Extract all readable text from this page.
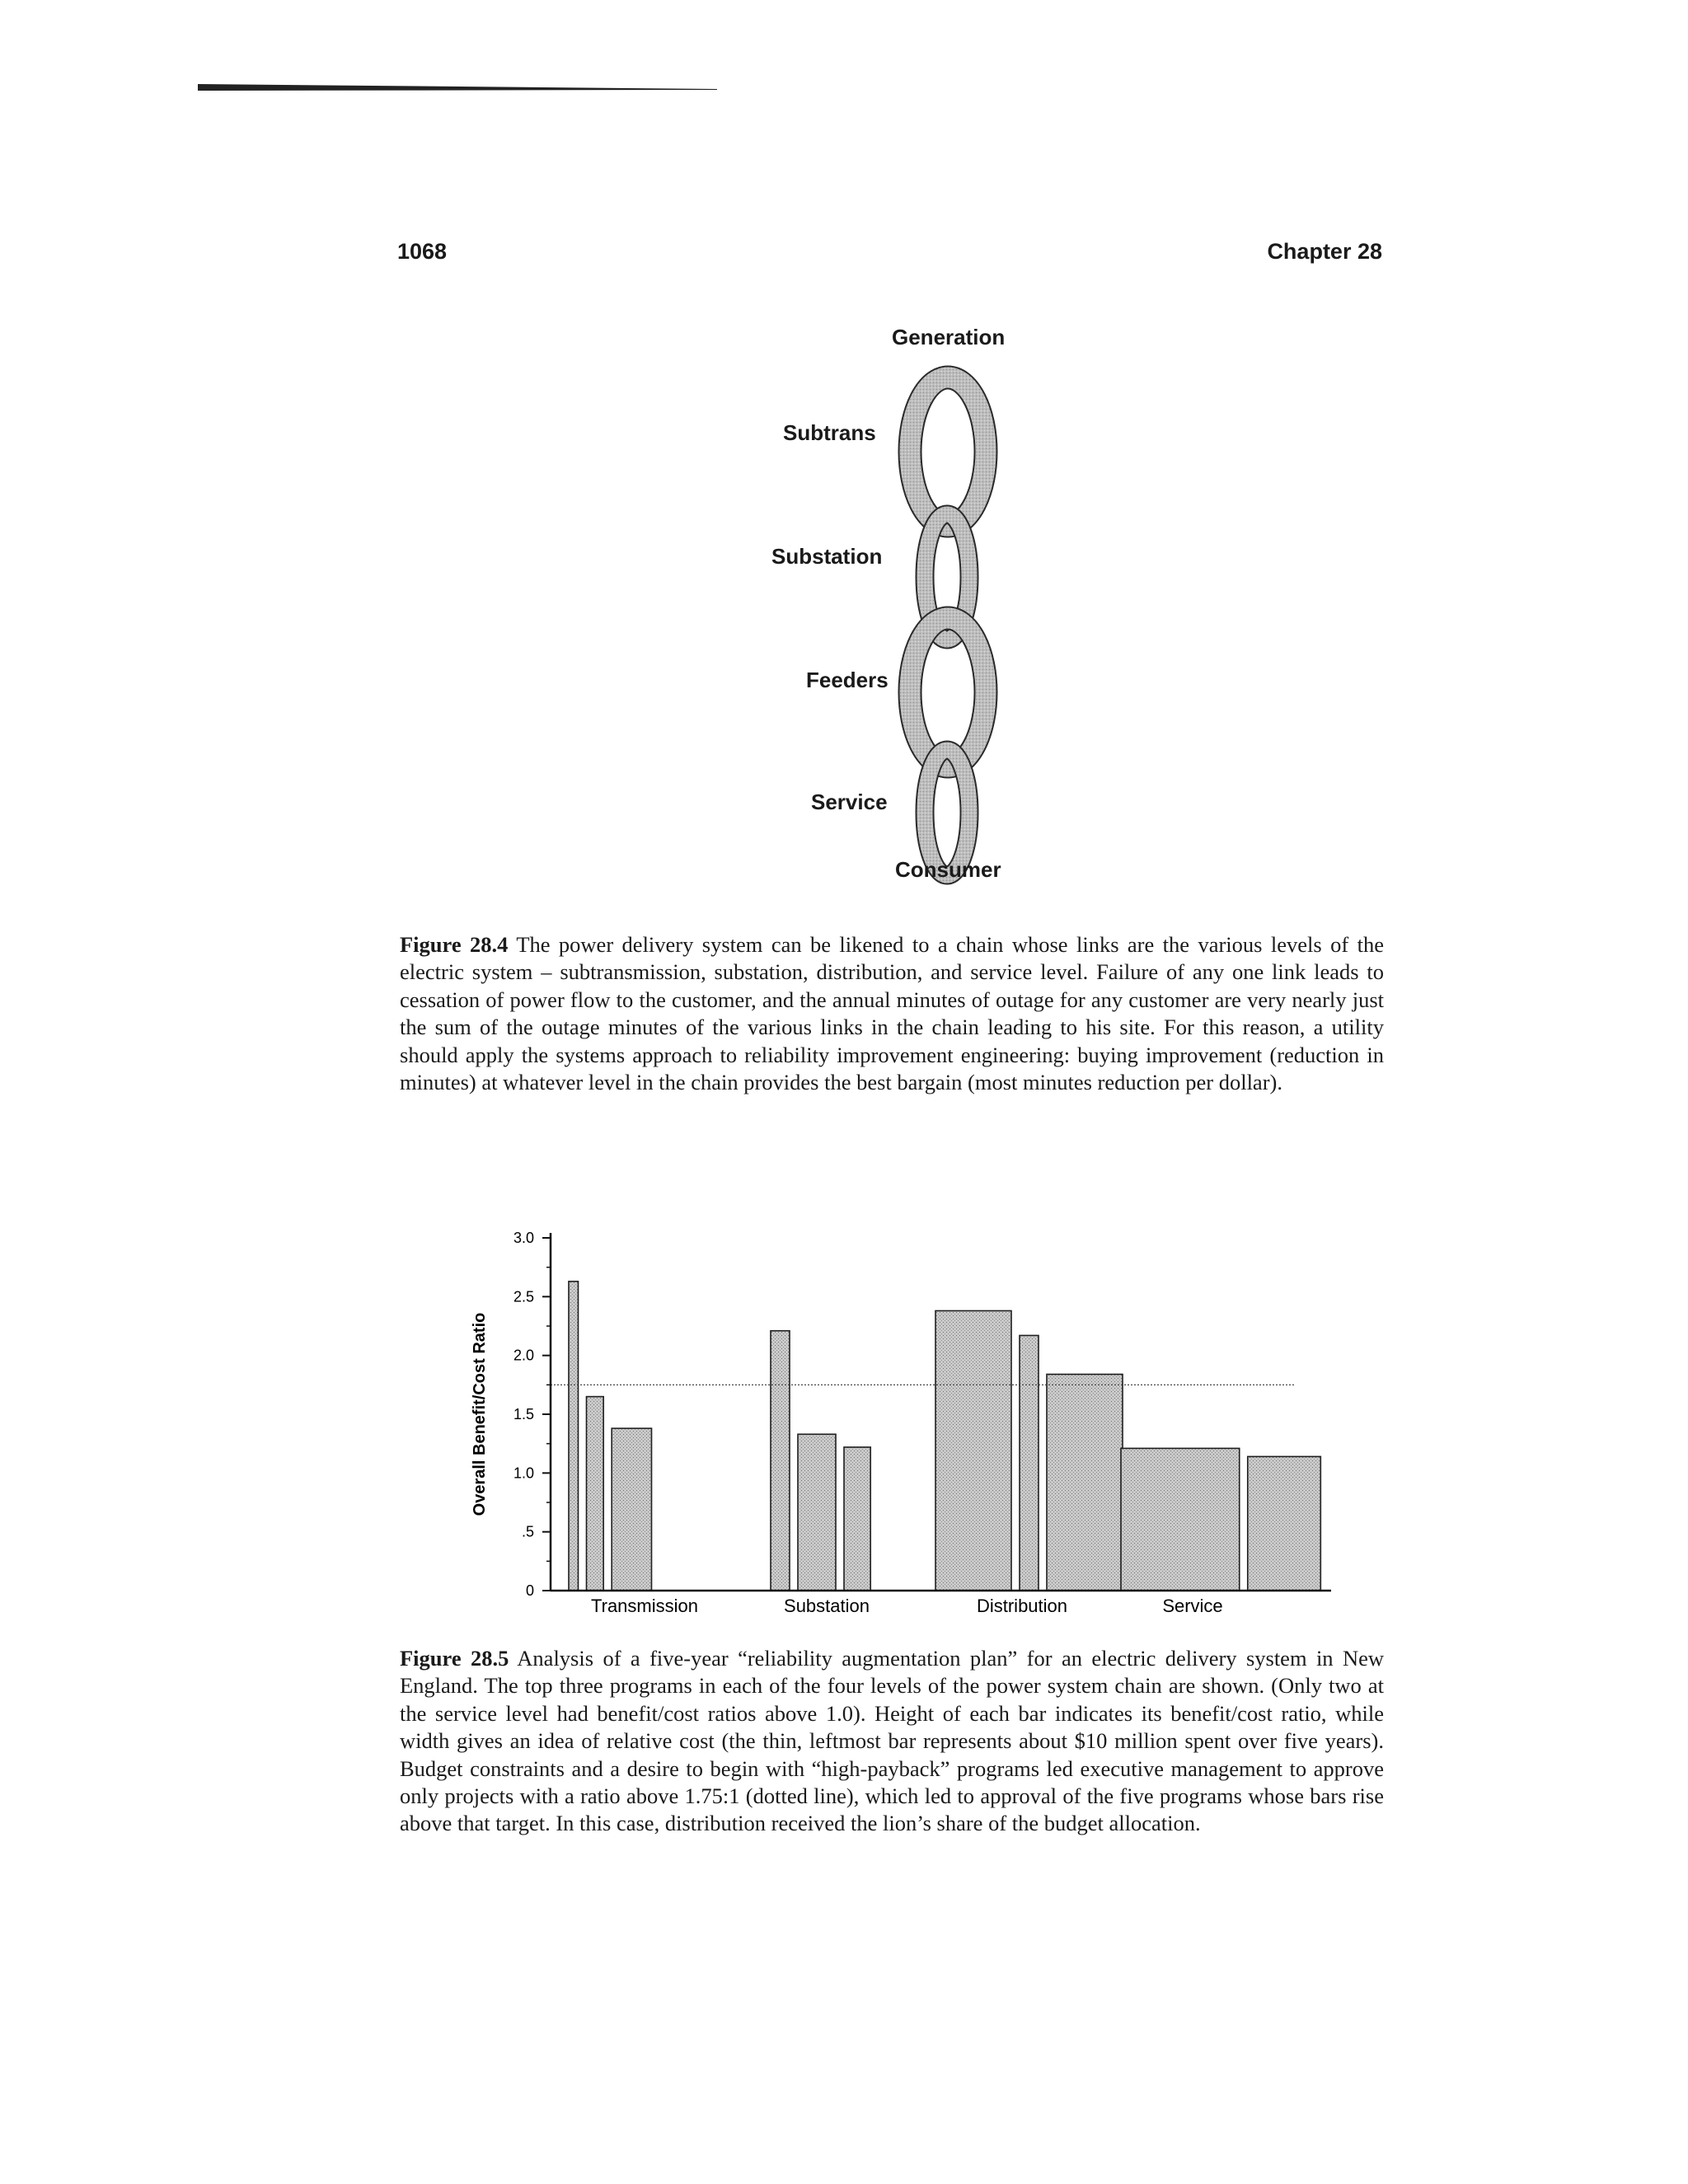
1068	Chapter 28
Generation
Subtrans
Substation
Feeders
Service
Consumer
Figure 28.4 The power delivery system can be likened to a chain whose links are the various levels of the electric system – subtransmission, substation, distribution, and service level. Failure of any one link leads to cessation of power flow to the customer, and the annual minutes of outage for any customer are very nearly just the sum of the outage minutes of the various links in the chain leading to his site. For this reason, a utility should apply the systems approach to reliability improvement engineering: buying improvement (reduction in minutes) at whatever level in the chain provides the best bargain (most minutes reduction per dollar).
0
.5
1.0
1.5
2.0
2.5
3.0
Transmission	Substation	Distribution	Service
Overall Benefit/Cost Ratio
Figure 28.5 Analysis of a five-year “reliability augmentation plan” for an electric delivery system in New England. The top three programs in each of the four levels of the power system chain are shown. (Only two at the service level had benefit/cost ratios above 1.0). Height of each bar indicates its benefit/cost ratio, while width gives an idea of relative cost (the thin, leftmost bar represents about $10 million spent over five years). Budget constraints and a desire to begin with “high-payback” programs led executive management to approve only projects with a ratio above 1.75:1 (dotted line), which led to approval of the five programs whose bars rise above that target. In this case, distribution received the lion’s share of the budget allocation.
